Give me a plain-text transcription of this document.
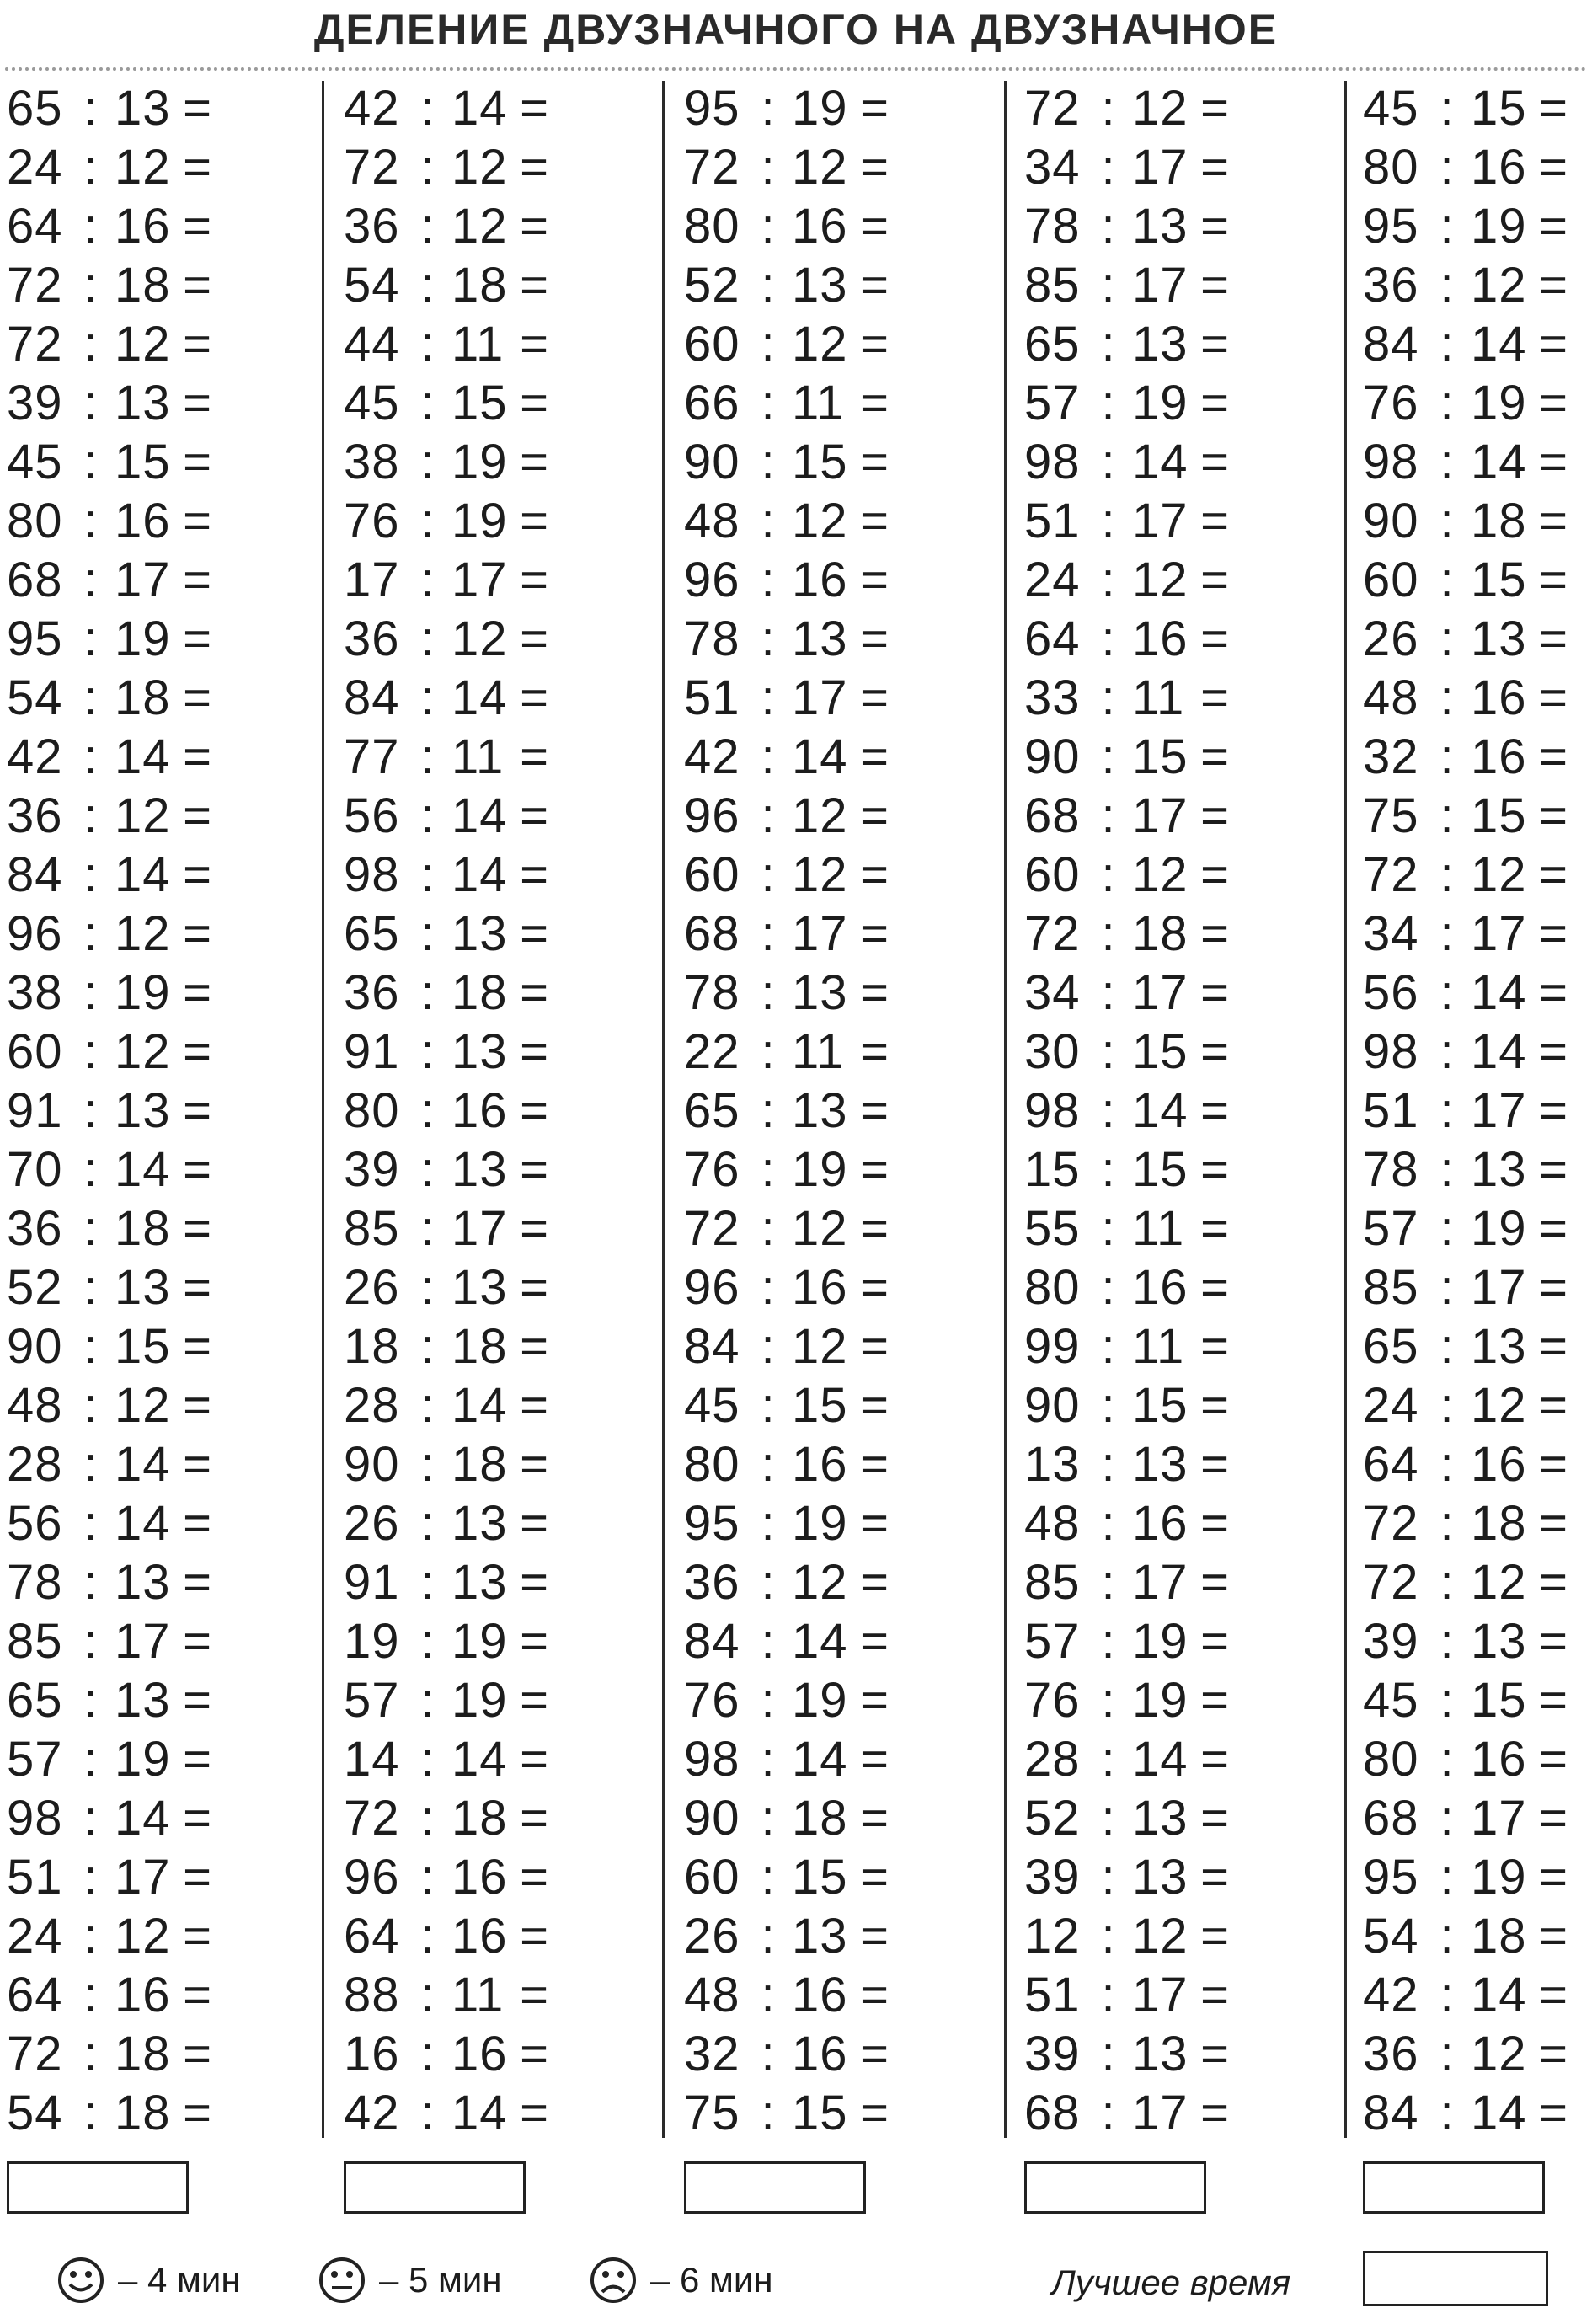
ДЕЛЕНИЕ ДВУЗНАЧНОГО НА ДВУЗНАЧНОЕ
65 : 13 =
24 : 12 =
64 : 16 =
72 : 18 =
72 : 12 =
39 : 13 =
45 : 15 =
80 : 16 =
68 : 17 =
95 : 19 =
54 : 18 =
42 : 14 =
36 : 12 =
84 : 14 =
96 : 12 =
38 : 19 =
60 : 12 =
91 : 13 =
70 : 14 =
36 : 18 =
52 : 13 =
90 : 15 =
48 : 12 =
28 : 14 =
56 : 14 =
78 : 13 =
85 : 17 =
65 : 13 =
57 : 19 =
98 : 14 =
51 : 17 =
24 : 12 =
64 : 16 =
72 : 18 =
54 : 18 =
42 : 14 =
72 : 12 =
36 : 12 =
54 : 18 =
44 : 11 =
45 : 15 =
38 : 19 =
76 : 19 =
17 : 17 =
36 : 12 =
84 : 14 =
77 : 11 =
56 : 14 =
98 : 14 =
65 : 13 =
36 : 18 =
91 : 13 =
80 : 16 =
39 : 13 =
85 : 17 =
26 : 13 =
18 : 18 =
28 : 14 =
90 : 18 =
26 : 13 =
91 : 13 =
19 : 19 =
57 : 19 =
14 : 14 =
72 : 18 =
96 : 16 =
64 : 16 =
88 : 11 =
16 : 16 =
42 : 14 =
95 : 19 =
72 : 12 =
80 : 16 =
52 : 13 =
60 : 12 =
66 : 11 =
90 : 15 =
48 : 12 =
96 : 16 =
78 : 13 =
51 : 17 =
42 : 14 =
96 : 12 =
60 : 12 =
68 : 17 =
78 : 13 =
22 : 11 =
65 : 13 =
76 : 19 =
72 : 12 =
96 : 16 =
84 : 12 =
45 : 15 =
80 : 16 =
95 : 19 =
36 : 12 =
84 : 14 =
76 : 19 =
98 : 14 =
90 : 18 =
60 : 15 =
26 : 13 =
48 : 16 =
32 : 16 =
75 : 15 =
72 : 12 =
34 : 17 =
78 : 13 =
85 : 17 =
65 : 13 =
57 : 19 =
98 : 14 =
51 : 17 =
24 : 12 =
64 : 16 =
33 : 11 =
90 : 15 =
68 : 17 =
60 : 12 =
72 : 18 =
34 : 17 =
30 : 15 =
98 : 14 =
15 : 15 =
55 : 11 =
80 : 16 =
99 : 11 =
90 : 15 =
13 : 13 =
48 : 16 =
85 : 17 =
57 : 19 =
76 : 19 =
28 : 14 =
52 : 13 =
39 : 13 =
12 : 12 =
51 : 17 =
39 : 13 =
68 : 17 =
45 : 15 =
80 : 16 =
95 : 19 =
36 : 12 =
84 : 14 =
76 : 19 =
98 : 14 =
90 : 18 =
60 : 15 =
26 : 13 =
48 : 16 =
32 : 16 =
75 : 15 =
72 : 12 =
34 : 17 =
56 : 14 =
98 : 14 =
51 : 17 =
78 : 13 =
57 : 19 =
85 : 17 =
65 : 13 =
24 : 12 =
64 : 16 =
72 : 18 =
72 : 12 =
39 : 13 =
45 : 15 =
80 : 16 =
68 : 17 =
95 : 19 =
54 : 18 =
42 : 14 =
36 : 12 =
84 : 14 =
– 4 мин	– 5 мин	– 6 мин	Лучшее время
